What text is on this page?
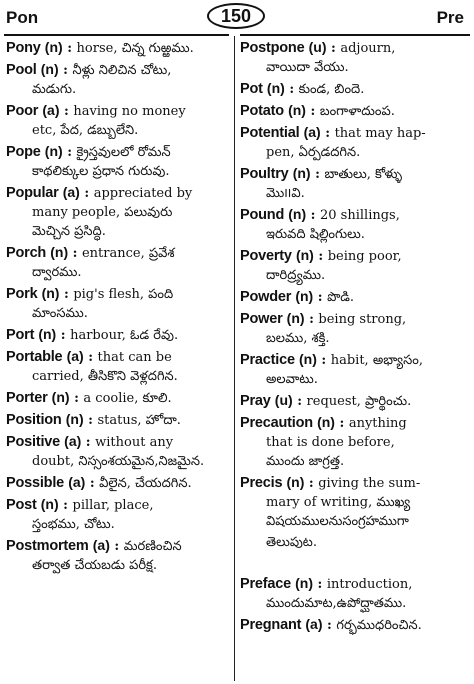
Pon	150	Pre
Pony (n) : horse, చిన్న గుఱ్ఱము.
Pool (n) : నీళ్లు నిలిచిన చోటు,
మడుగు.
Poor (a) : having no money
etc, పేద, డబ్బులేని.
Pope (n) : క్రైస్తవులలో రోమన్
కాథలిక్కుల ప్రధాన గురువు.
Popular (a) : appreciated by
many people, పలువురు
మెచ్చిన ప్రసిద్ధి.
Porch (n) : entrance, ప్రవేశ
ద్వారము.
Pork (n) : pig's flesh, పంది
మాంసము.
Port (n) : harbour, ఓడ రేవు.
Portable (a) : that can be
carried, తీసికొని వెళ్లదగిన.
Porter (n) : a coolie, కూలి.
Position (n) : status, హోదా.
Positive (a) : without any
doubt, నిస్సంశయమైన,నిజమైన.
Possible (a) : వీలైన, చేయదగిన.
Post (n) : pillar, place,
స్తంభము, చోటు.
Postmortem (a) : మరణించిన
తర్వాత చేయబడు పరీక్ష.
Postpone (u) : adjourn,
వాయిదా వేయు.
Pot (n) : కుండ, బిందె.
Potato (n) : బంగాళాదుంప.
Potential (a) : that may hap-
pen, ఏర్పడదగిన.
Poultry (n) : బాతులు, కోళ్ళు
మొ౹౹వి.
Pound (n) : 20 shillings,
ఇరువది షిల్లింగులు.
Poverty (n) : being poor,
దారిద్ర్యము.
Powder (n) : పొడి.
Power (n) : being strong,
బలము, శక్తి.
Practice (n) : habit, అభ్యాసం,
అలవాటు.
Pray (u) : request, ప్రార్థించు.
Precaution (n) : anything
that is done before,
ముందు జాగ్రత్త.
Precis (n) : giving the sum-
mary of writing, ముఖ్య
విషయములనుసంగ్రహముగా
తెలుపుట.
Preface (n) : introduction,
ముందుమాట,ఉపోద్ఘాతము.
Pregnant (a) : గర్భముధరించిన.
